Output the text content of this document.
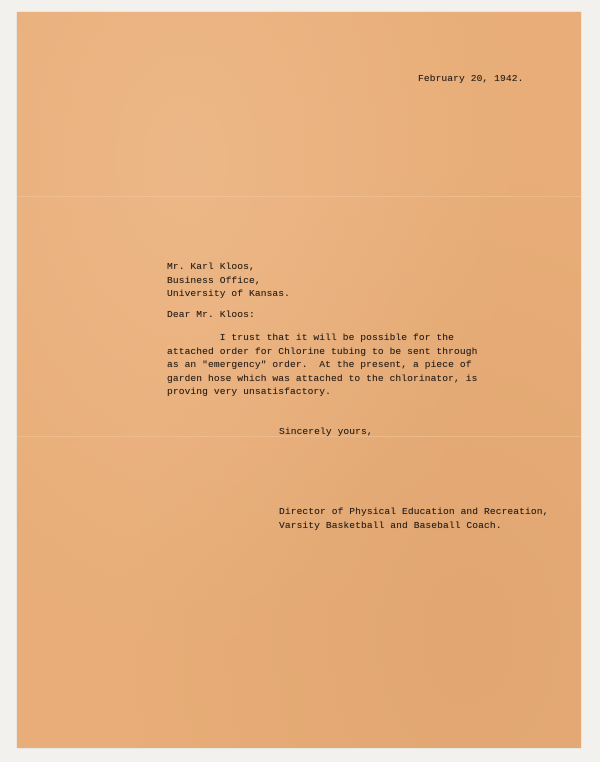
February 20, 1942.

Mr. Karl Kloos,
Business Office,
University of Kansas.

Dear Mr. Kloos:

I trust that it will be possible for the
attached order for Chlorine tubing to be sent through
as an "emergency" order.  At the present, a piece of
garden hose which was attached to the chlorinator, is
proving very unsatisfactory.

Sincerely yours,

Director of Physical Education and Recreation,
Varsity Basketball and Baseball Coach.
